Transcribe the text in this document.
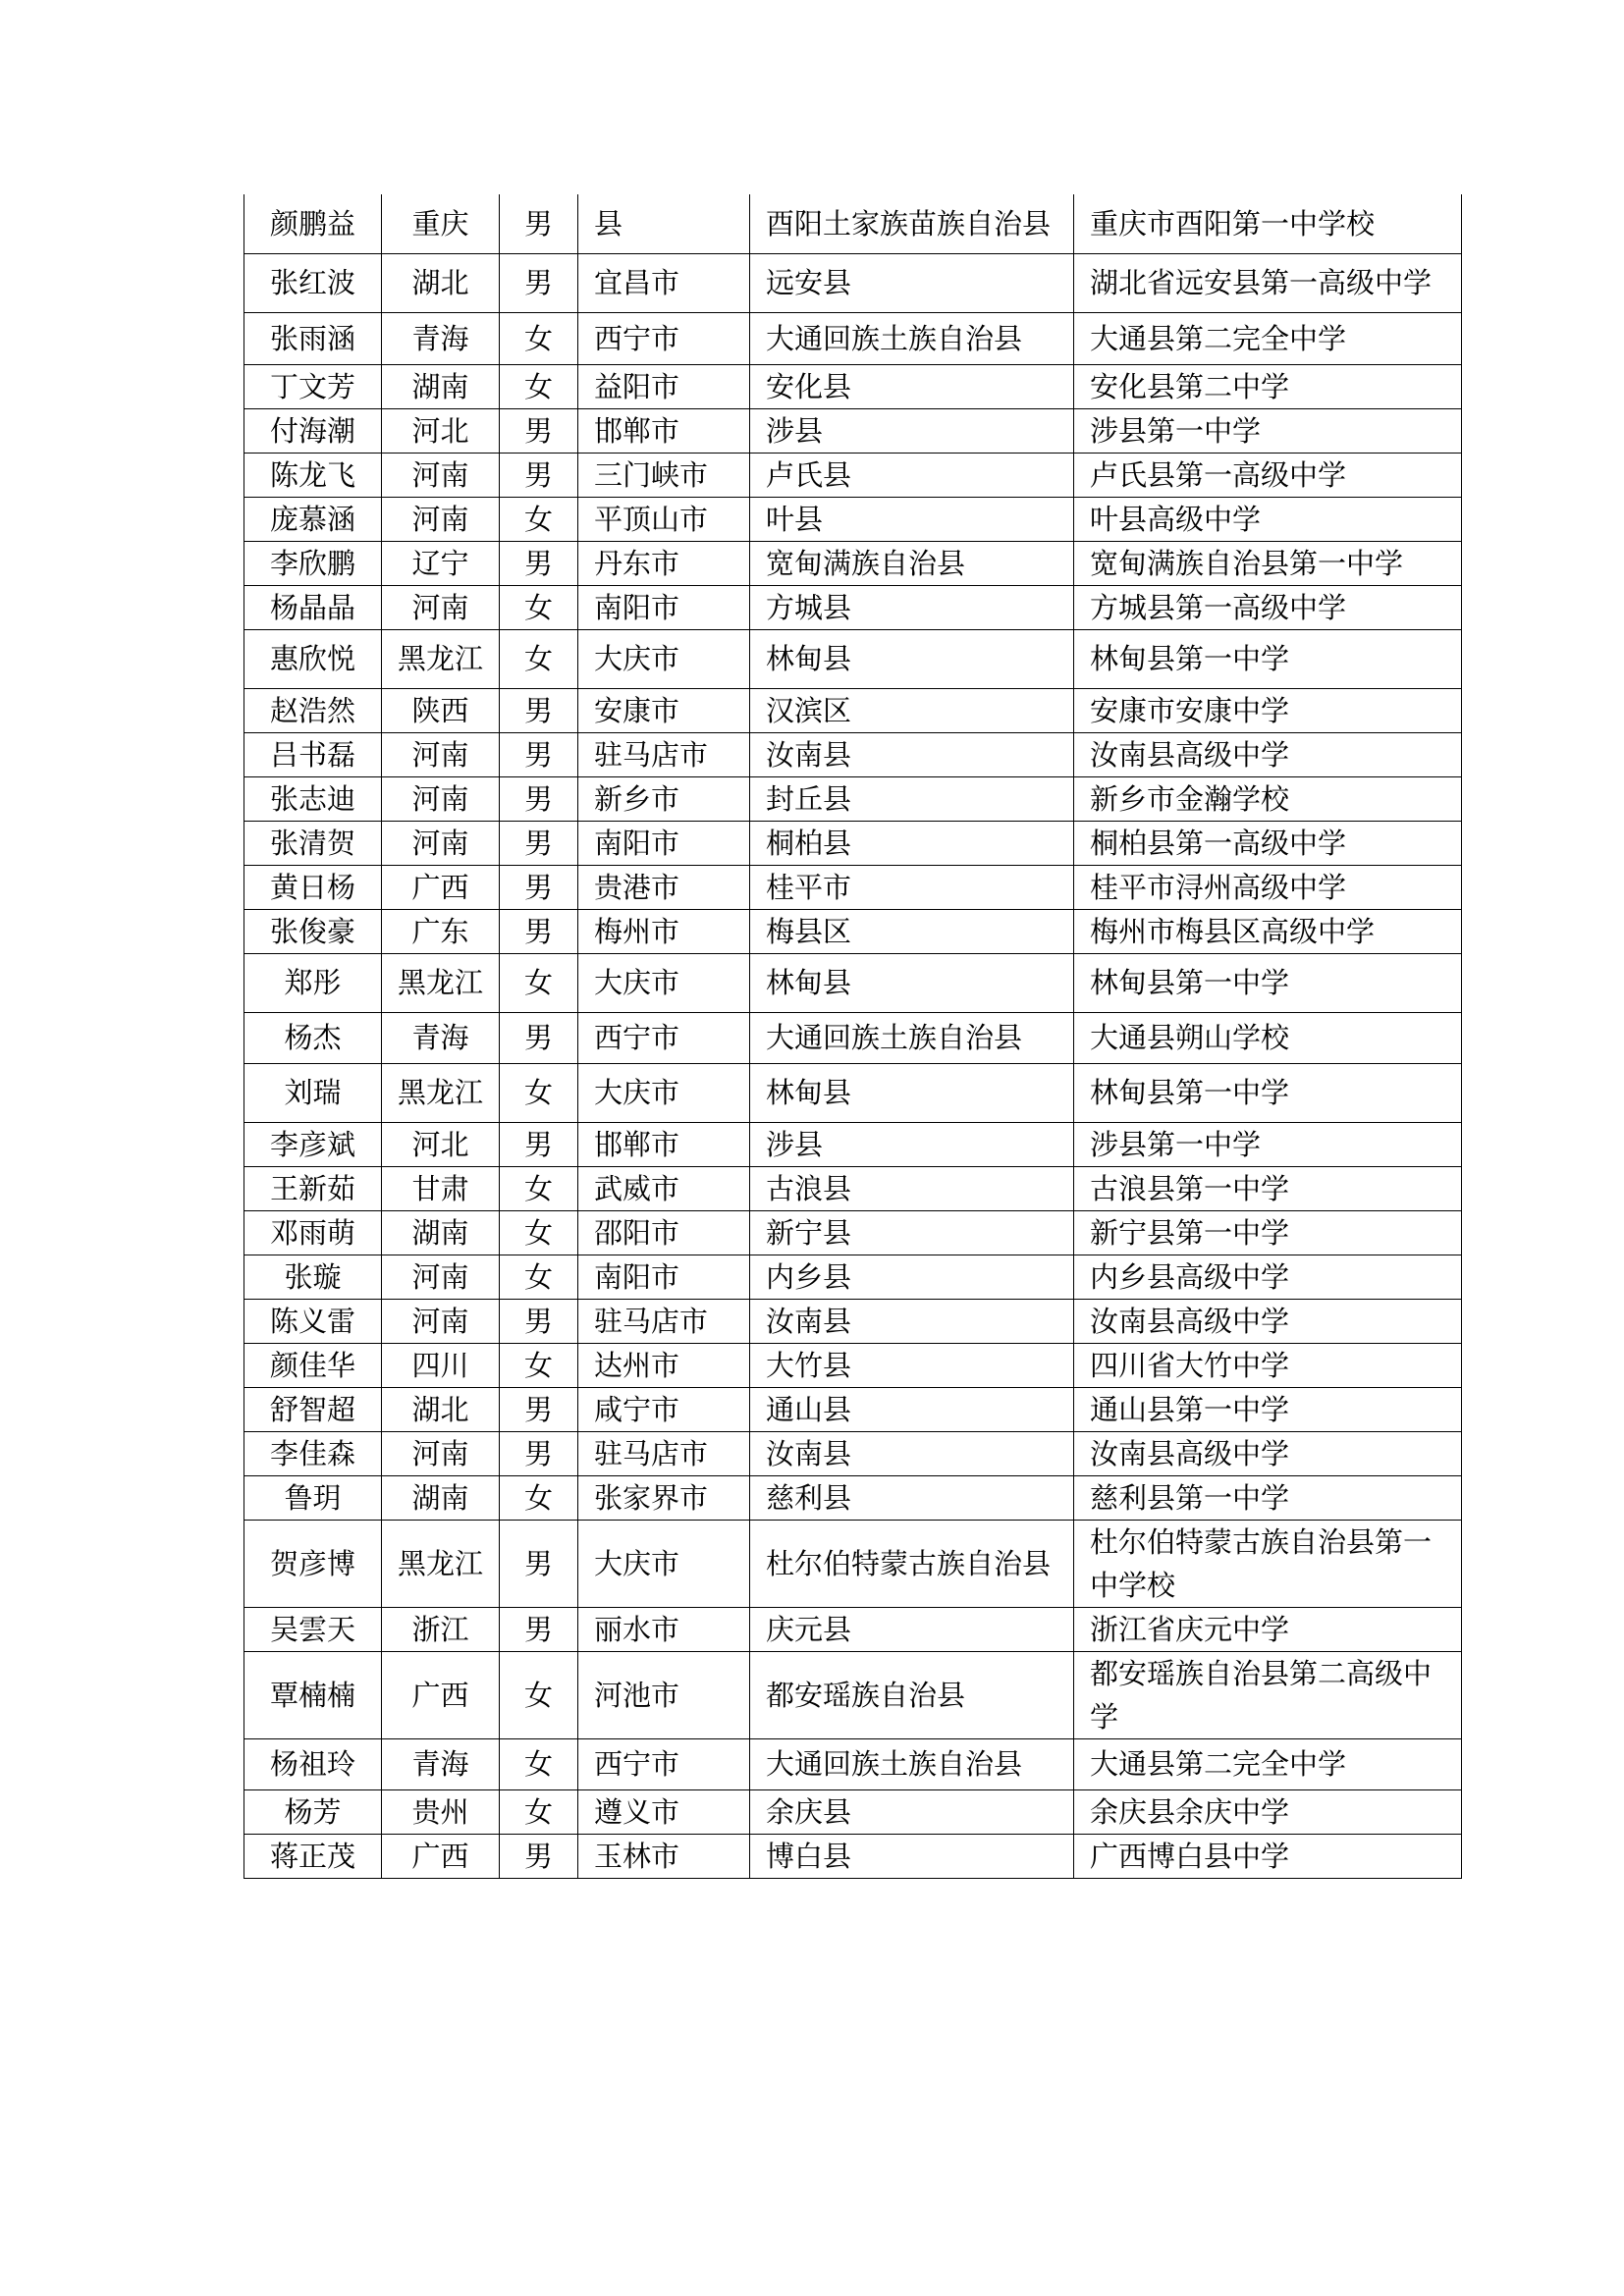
颜鹏益	重庆	男	县	酉阳土家族苗族自治县	重庆市酉阳第一中学校
张红波	湖北	男	宜昌市	远安县	湖北省远安县第一高级中学
张雨涵	青海	女	西宁市	大通回族土族自治县	大通县第二完全中学
丁文芳	湖南	女	益阳市	安化县	安化县第二中学
付海潮	河北	男	邯郸市	涉县	涉县第一中学
陈龙飞	河南	男	三门峡市	卢氏县	卢氏县第一高级中学
庞慕涵	河南	女	平顶山市	叶县	叶县高级中学
李欣鹏	辽宁	男	丹东市	宽甸满族自治县	宽甸满族自治县第一中学
杨晶晶	河南	女	南阳市	方城县	方城县第一高级中学
惠欣悦	黑龙江	女	大庆市	林甸县	林甸县第一中学
赵浩然	陕西	男	安康市	汉滨区	安康市安康中学
吕书磊	河南	男	驻马店市	汝南县	汝南县高级中学
张志迪	河南	男	新乡市	封丘县	新乡市金瀚学校
张清贺	河南	男	南阳市	桐柏县	桐柏县第一高级中学
黄日杨	广西	男	贵港市	桂平市	桂平市浔州高级中学
张俊豪	广东	男	梅州市	梅县区	梅州市梅县区高级中学
郑彤	黑龙江	女	大庆市	林甸县	林甸县第一中学
杨杰	青海	男	西宁市	大通回族土族自治县	大通县朔山学校
刘瑞	黑龙江	女	大庆市	林甸县	林甸县第一中学
李彦斌	河北	男	邯郸市	涉县	涉县第一中学
王新茹	甘肃	女	武威市	古浪县	古浪县第一中学
邓雨萌	湖南	女	邵阳市	新宁县	新宁县第一中学
张璇	河南	女	南阳市	内乡县	内乡县高级中学
陈义雷	河南	男	驻马店市	汝南县	汝南县高级中学
颜佳华	四川	女	达州市	大竹县	四川省大竹中学
舒智超	湖北	男	咸宁市	通山县	通山县第一中学
李佳森	河南	男	驻马店市	汝南县	汝南县高级中学
鲁玥	湖南	女	张家界市	慈利县	慈利县第一中学
贺彦博	黑龙江	男	大庆市	杜尔伯特蒙古族自治县	杜尔伯特蒙古族自治县第一中学校
吴雲天	浙江	男	丽水市	庆元县	浙江省庆元中学
覃楠楠	广西	女	河池市	都安瑶族自治县	都安瑶族自治县第二高级中学
杨祖玲	青海	女	西宁市	大通回族土族自治县	大通县第二完全中学
杨芳	贵州	女	遵义市	余庆县	余庆县余庆中学
蒋正茂	广西	男	玉林市	博白县	广西博白县中学
